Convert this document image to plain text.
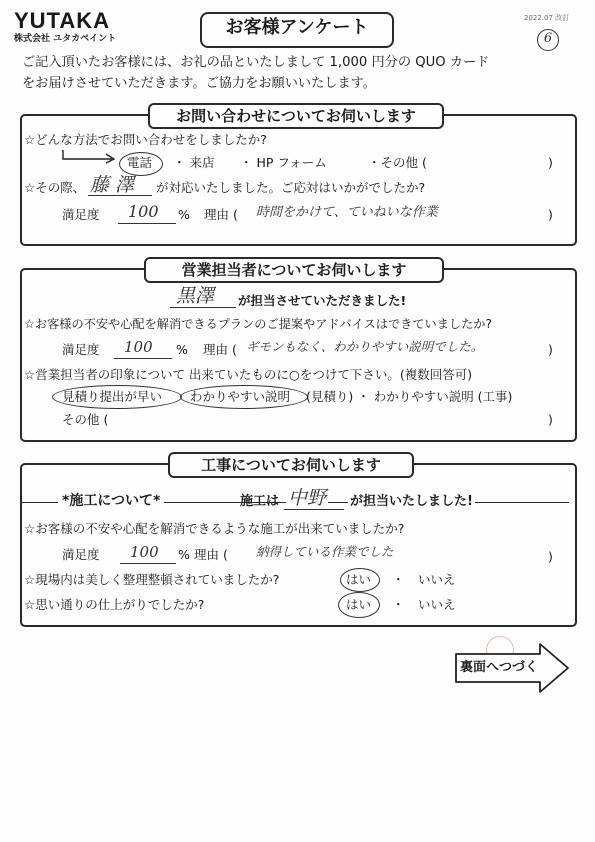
YUTAKA
株式会社 ユタカペイント
お客様アンケート	2022.07 改訂
6
ご記入頂いたお客様には、お礼の品といたしまして 1,000 円分の QUO カード
をお届けさせていただきます。ご協力をお願いいたします。
お問い合わせについてお伺いします
☆どんな方法でお問い合わせをしましたか?
電話 ・ 来店 ・ HP フォーム	・その他 (	)
☆その際、 藤 澤 が対応いたしました。ご応対はいかがでしたか?
満足度 100 % 理由 ( 時間をかけて、ていねいな作業	)
営業担当者についてお伺いします
黒澤 が担当させていただきました!
☆お客様の不安や心配を解消できるプランのご提案やアドバイスはできていましたか?
満足度 100 % 理由 ( ギモンもなく、わかりやすい説明でした。	)
☆営業担当者の印象について 出来ていたものに○をつけて下さい。(複数回答可)
見積り提出が早い わかりやすい説明 (見積り) ・ わかりやすい説明 (工事)
その他 (	)
工事についてお伺いします
*施工について*	施工は 中野 が担当いたしました!
☆お客様の不安や心配を解消できるような施工が出来ていましたか?
満足度 100 % 理由 ( 納得している作業でした	)
☆現場内は美しく整理整頓されていましたか?	はい ・ いいえ
☆思い通りの仕上がりでしたか?	はい ・ いいえ
裏面へつづく
